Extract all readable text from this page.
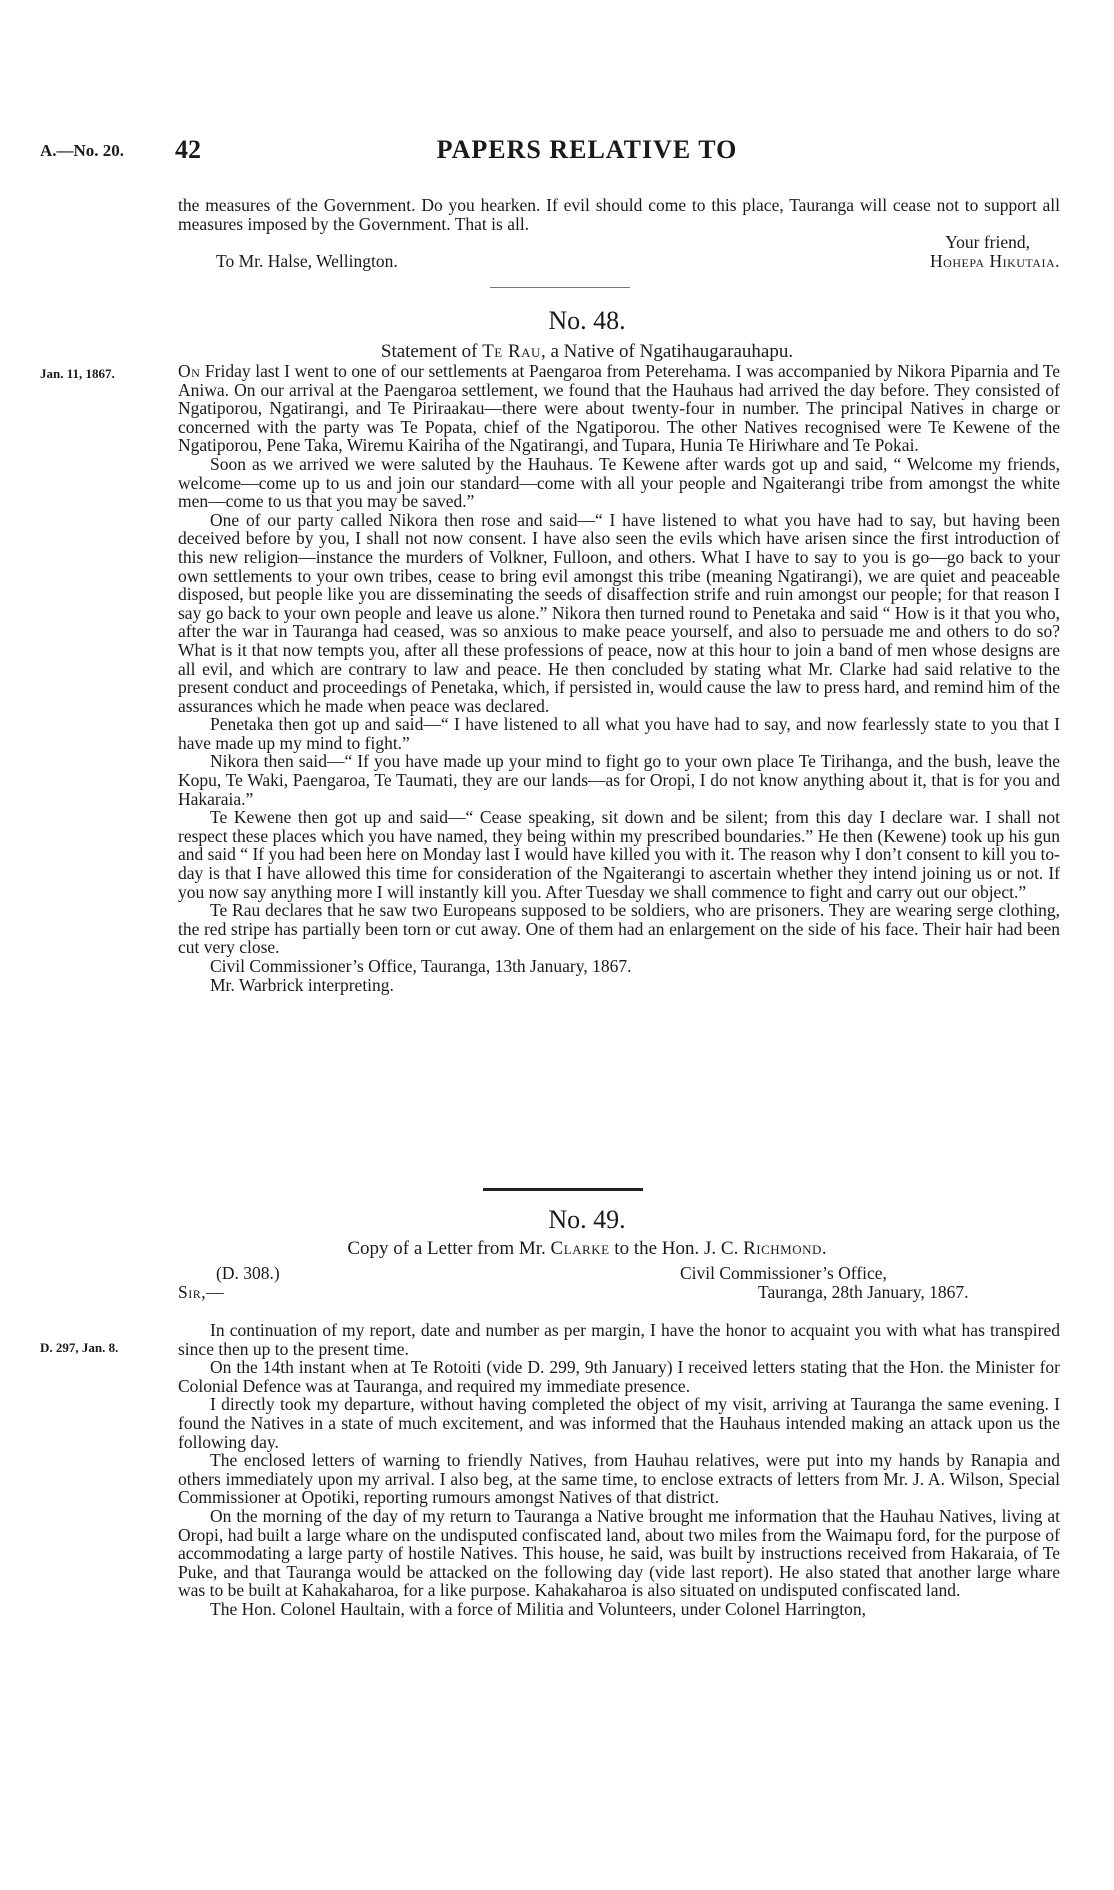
A.—No. 20. 42	PAPERS RELATIVE TO

the measures of the Government. Do you hearken. If evil should come to this place, Tauranga will cease not to support all measures imposed by the Government. That is all.

Your friend,
To Mr. Halse, Wellington.	Hohepa Hikutaia.
No. 48.
Statement of Te Rau, a Native of Ngatihaugarauhapu.
Jan. 11, 1867.	On Friday last I went to one of our settlements at Paengaroa from Peterehama. I was accompanied by Nikora Piparnia and Te Aniwa. On our arrival at the Paengaroa settlement, we found that the Hauhaus had arrived the day before. They consisted of Ngatiporou, Ngatirangi, and Te Piriraakau—there were about twenty-four in number. The principal Natives in charge or concerned with the party was Te Popata, chief of the Ngatiporou. The other Natives recognised were Te Kewene of the Ngatiporou, Pene Taka, Wiremu Kairiha of the Ngatirangi, and Tupara, Hunia Te Hiriwhare and Te Pokai.

Soon as we arrived we were saluted by the Hauhaus. Te Kewene after wards got up and said, “ Welcome my friends, welcome—come up to us and join our standard—come with all your people and Ngaiterangi tribe from amongst the white men—come to us that you may be saved.”

One of our party called Nikora then rose and said—“ I have listened to what you have had to say, but having been deceived before by you, I shall not now consent. I have also seen the evils which have arisen since the first introduction of this new religion—instance the murders of Volkner, Fulloon, and others. What I have to say to you is go—go back to your own settlements to your own tribes, cease to bring evil amongst this tribe (meaning Ngatirangi), we are quiet and peaceable disposed, but people like you are disseminating the seeds of disaffection strife and ruin amongst our people; for that reason I say go back to your own people and leave us alone.” Nikora then turned round to Penetaka and said “ How is it that you who, after the war in Tauranga had ceased, was so anxious to make peace yourself, and also to persuade me and others to do so? What is it that now tempts you, after all these professions of peace, now at this hour to join a band of men whose designs are all evil, and which are contrary to law and peace. He then concluded by stating what Mr. Clarke had said relative to the present conduct and proceedings of Penetaka, which, if persisted in, would cause the law to press hard, and remind him of the assurances which he made when peace was declared.

Penetaka then got up and said—“ I have listened to all what you have had to say, and now fearlessly state to you that I have made up my mind to fight.”

Nikora then said—“ If you have made up your mind to fight go to your own place Te Tirihanga, and the bush, leave the Kopu, Te Waki, Paengaroa, Te Taumati, they are our lands—as for Oropi, I do not know anything about it, that is for you and Hakaraia.”

Te Kewene then got up and said—“ Cease speaking, sit down and be silent; from this day I declare war. I shall not respect these places which you have named, they being within my prescribed boundaries.” He then (Kewene) took up his gun and said “ If you had been here on Monday last I would have killed you with it. The reason why I don’t consent to kill you to-day is that I have allowed this time for consideration of the Ngaiterangi to ascertain whether they intend joining us or not. If you now say anything more I will instantly kill you. After Tuesday we shall commence to fight and carry out our object.”

Te Rau declares that he saw two Europeans supposed to be soldiers, who are prisoners. They are wearing serge clothing, the red stripe has partially been torn or cut away. One of them had an enlargement on the side of his face. Their hair had been cut very close.

Civil Commissioner’s Office, Tauranga, 13th January, 1867.

Mr. Warbrick interpreting.

No. 49.
Copy of a Letter from Mr. Clarke to the Hon. J. C. Richmond.
(D. 308.)	Civil Commissioner’s Office,
Sir,—	Tauranga, 28th January, 1867.

In continuation of my report, date and number as per margin, I have the honor to acquaint you with what has transpired since then up to the present time.

On the 14th instant when at Te Rotoiti (vide D. 299, 9th January) I received letters stating that the Hon. the Minister for Colonial Defence was at Tauranga, and required my immediate presence.

I directly took my departure, without having completed the object of my visit, arriving at Tauranga the same evening. I found the Natives in a state of much excitement, and was informed that the Hauhaus intended making an attack upon us the following day.

The enclosed letters of warning to friendly Natives, from Hauhau relatives, were put into my hands by Ranapia and others immediately upon my arrival. I also beg, at the same time, to enclose extracts of letters from Mr. J. A. Wilson, Special Commissioner at Opotiki, reporting rumours amongst Natives of that district.

On the morning of the day of my return to Tauranga a Native brought me information that the Hauhau Natives, living at Oropi, had built a large whare on the undisputed confiscated land, about two miles from the Waimapu ford, for the purpose of accommodating a large party of hostile Natives. This house, he said, was built by instructions received from Hakaraia, of Te Puke, and that Tauranga would be attacked on the following day (vide last report). He also stated that another large whare was to be built at Kahakaharoa, for a like purpose. Kahakaharoa is also situated on undisputed confiscated land.

The Hon. Colonel Haultain, with a force of Militia and Volunteers, under Colonel Harrington,

D. 297, Jan. 8.
